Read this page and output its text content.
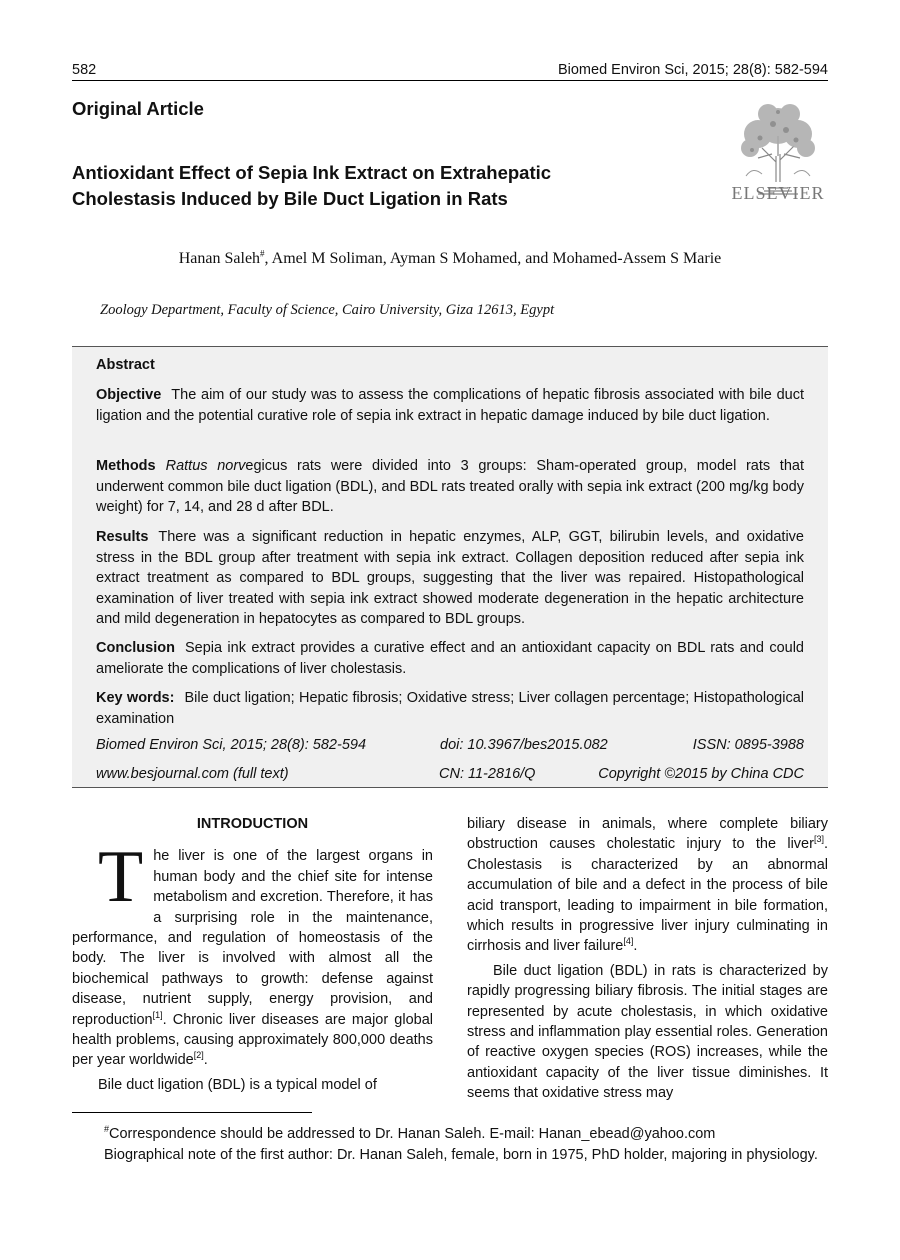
582	Biomed Environ Sci, 2015; 28(8): 582-594
Original Article
Antioxidant Effect of Sepia Ink Extract on Extrahepatic Cholestasis Induced by Bile Duct Ligation in Rats	ELSEVIER
Hanan Saleh#, Amel M Soliman, Ayman S Mohamed, and Mohamed-Assem S Marie
Zoology Department, Faculty of Science, Cairo University, Giza 12613, Egypt
Abstract
Objective The aim of our study was to assess the complications of hepatic fibrosis associated with bile duct ligation and the potential curative role of sepia ink extract in hepatic damage induced by bile duct ligation.
Methods Rattus norvegicus rats were divided into 3 groups: Sham-operated group, model rats that underwent common bile duct ligation (BDL), and BDL rats treated orally with sepia ink extract (200 mg/kg body weight) for 7, 14, and 28 d after BDL.
Results There was a significant reduction in hepatic enzymes, ALP, GGT, bilirubin levels, and oxidative stress in the BDL group after treatment with sepia ink extract. Collagen deposition reduced after sepia ink extract treatment as compared to BDL groups, suggesting that the liver was repaired. Histopathological examination of liver treated with sepia ink extract showed moderate degeneration in the hepatic architecture and mild degeneration in hepatocytes as compared to BDL groups.
Conclusion Sepia ink extract provides a curative effect and an antioxidant capacity on BDL rats and could ameliorate the complications of liver cholestasis.
Key words: Bile duct ligation; Hepatic fibrosis; Oxidative stress; Liver collagen percentage; Histopathological examination
Biomed Environ Sci, 2015; 28(8): 582-594	doi: 10.3967/bes2015.082	ISSN: 0895-3988
www.besjournal.com (full text)	CN: 11-2816/Q	Copyright ©2015 by China CDC
INTRODUCTION

The liver is one of the largest organs in human body and the chief site for intense metabolism and excretion. Therefore, it has a surprising role in the maintenance, performance, and regulation of homeostasis of the body. The liver is involved with almost all the biochemical pathways to growth: defense against disease, nutrient supply, energy provision, and reproduction[1]. Chronic liver diseases are major global health problems, causing approximately 800,000 deaths per year worldwide[2].

Bile duct ligation (BDL) is a typical model of

biliary disease in animals, where complete biliary obstruction causes cholestatic injury to the liver[3]. Cholestasis is characterized by an abnormal accumulation of bile and a defect in the process of bile acid transport, leading to impairment in bile formation, which results in progressive liver injury culminating in cirrhosis and liver failure[4].

Bile duct ligation (BDL) in rats is characterized by rapidly progressing biliary fibrosis. The initial stages are represented by acute cholestasis, in which oxidative stress and inflammation play essential roles. Generation of reactive oxygen species (ROS) increases, while the antioxidant capacity of the liver tissue diminishes. It seems that oxidative stress may

#Correspondence should be addressed to Dr. Hanan Saleh. E-mail: Hanan_ebead@yahoo.com

Biographical note of the first author: Dr. Hanan Saleh, female, born in 1975, PhD holder, majoring in physiology.
